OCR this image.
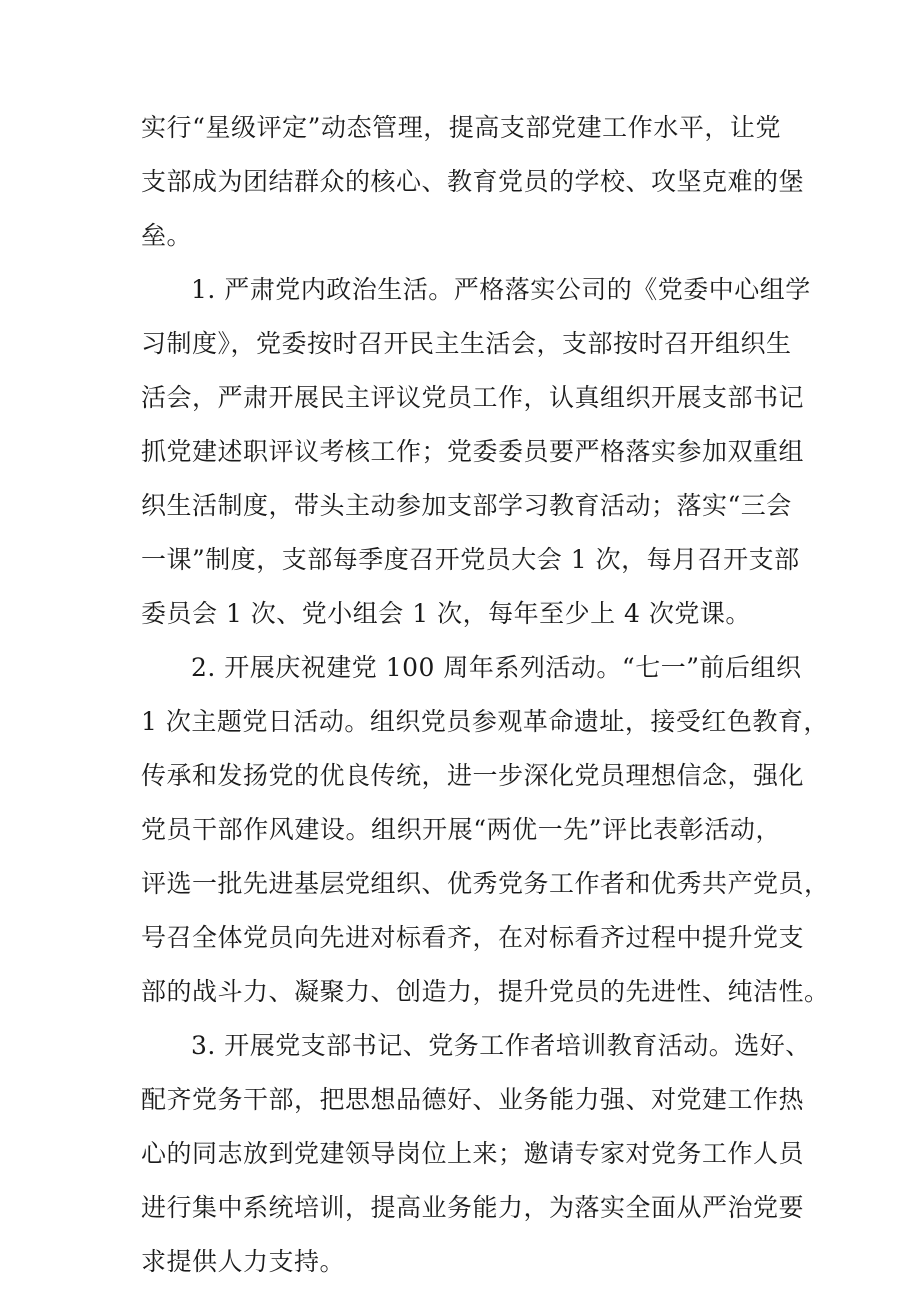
实行“星级评定”动态管理，提高支部党建工作水平，让党
支部成为团结群众的核心、教育党员的学校、攻坚克难的堡
垒。
1. 严肃党内政治生活。严格落实公司的《党委中心组学
习制度》，党委按时召开民主生活会，支部按时召开组织生
活会，严肃开展民主评议党员工作，认真组织开展支部书记
抓党建述职评议考核工作；党委委员要严格落实参加双重组
织生活制度，带头主动参加支部学习教育活动；落实“三会
一课”制度，支部每季度召开党员大会 1 次，每月召开支部
委员会 1 次、党小组会 1 次，每年至少上 4 次党课。
2. 开展庆祝建党 100 周年系列活动。“七一”前后组织
1 次主题党日活动。组织党员参观革命遗址，接受红色教育，
传承和发扬党的优良传统，进一步深化党员理想信念，强化
党员干部作风建设。组织开展“两优一先”评比表彰活动，
评选一批先进基层党组织、优秀党务工作者和优秀共产党员，
号召全体党员向先进对标看齐，在对标看齐过程中提升党支
部的战斗力、凝聚力、创造力，提升党员的先进性、纯洁性。
3. 开展党支部书记、党务工作者培训教育活动。选好、
配齐党务干部，把思想品德好、业务能力强、对党建工作热
心的同志放到党建领导岗位上来；邀请专家对党务工作人员
进行集中系统培训，提高业务能力，为落实全面从严治党要
求提供人力支持。
